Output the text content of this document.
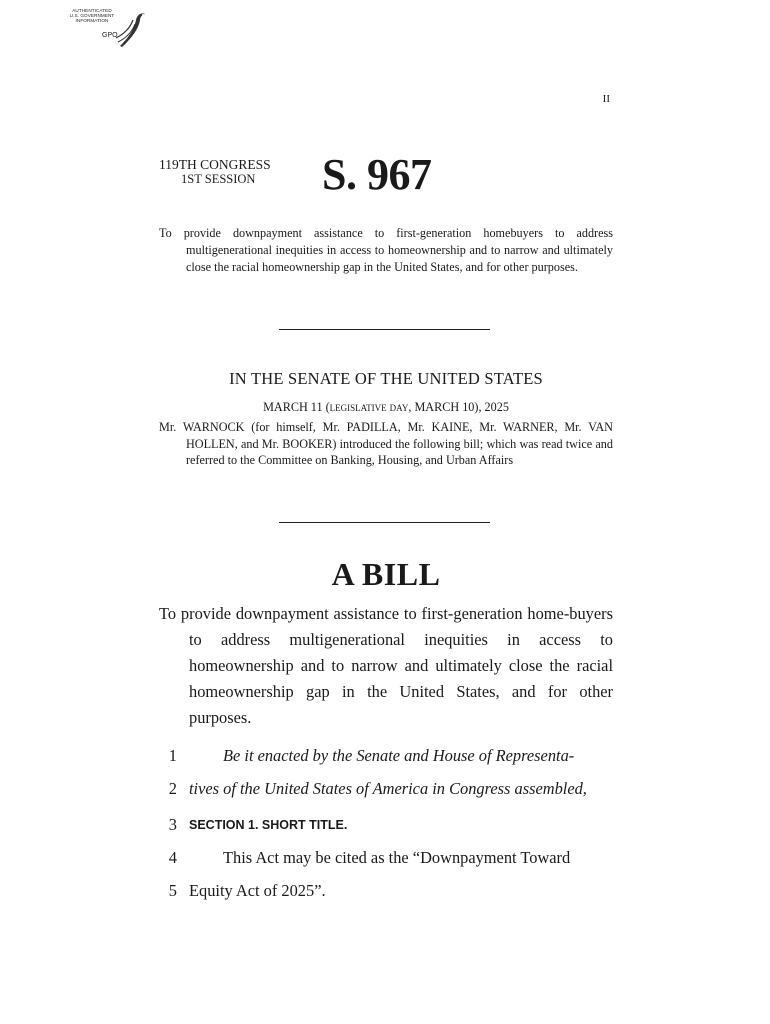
AUTHENTICATED
U.S. GOVERNMENT
INFORMATION
GPO
II
119TH CONGRESS
1ST SESSION	S. 967
To provide downpayment assistance to first-generation homebuyers to address multigenerational inequities in access to homeownership and to narrow and ultimately close the racial homeownership gap in the United States, and for other purposes.
IN THE SENATE OF THE UNITED STATES
MARCH 11 (legislative day, MARCH 10), 2025
Mr. WARNOCK (for himself, Mr. PADILLA, Mr. KAINE, Mr. WARNER, Mr. VAN HOLLEN, and Mr. BOOKER) introduced the following bill; which was read twice and referred to the Committee on Banking, Housing, and Urban Affairs
A BILL
To provide downpayment assistance to first-generation home-buyers to address multigenerational inequities in access to homeownership and to narrow and ultimately close the racial homeownership gap in the United States, and for other purposes.
1	Be it enacted by the Senate and House of Representa-
2 tives of the United States of America in Congress assembled,
3 SECTION 1. SHORT TITLE.
4	This Act may be cited as the “Downpayment Toward
5 Equity Act of 2025”.
